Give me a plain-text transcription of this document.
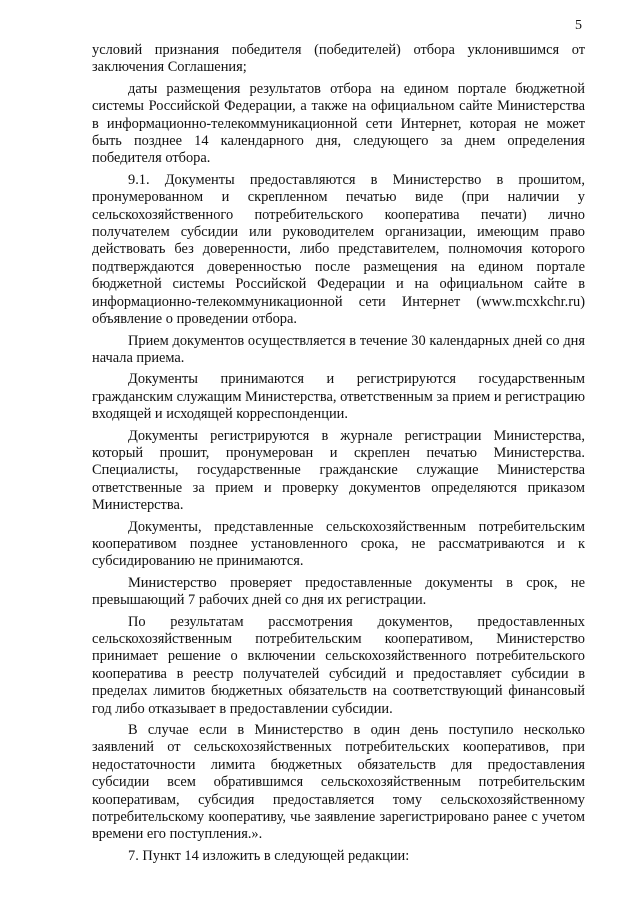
5

условий признания победителя (победителей) отбора уклонившимся от заключения Соглашения;

даты размещения результатов отбора на едином портале бюджетной системы Российской Федерации, а также на официальном сайте Министерства в информационно-телекоммуникационной сети Интернет, которая не может быть позднее 14 календарного дня, следующего за днем определения победителя отбора.

9.1. Документы предоставляются в Министерство в прошитом, пронумерованном и скрепленном печатью виде (при наличии у сельскохозяйственного потребительского кооператива печати) лично получателем субсидии или руководителем организации, имеющим право действовать без доверенности, либо представителем, полномочия которого подтверждаются доверенностью после размещения на едином портале бюджетной системы Российской Федерации и на официальном сайте в информационно-телекоммуникационной сети Интернет (www.mcxkchr.ru) объявление о проведении отбора.

Прием документов осуществляется в течение 30 календарных дней со дня начала приема.

Документы принимаются и регистрируются государственным гражданским служащим Министерства, ответственным за прием и регистрацию входящей и исходящей корреспонденции.

Документы регистрируются в журнале регистрации Министерства, который прошит, пронумерован и скреплен печатью Министерства. Специалисты, государственные гражданские служащие Министерства ответственные за прием и проверку документов определяются приказом Министерства.

Документы, представленные сельскохозяйственным потребительским кооперативом позднее установленного срока, не рассматриваются и к субсидированию не принимаются.

Министерство проверяет предоставленные документы в срок, не превышающий 7 рабочих дней со дня их регистрации.

По результатам рассмотрения документов, предоставленных сельскохозяйственным потребительским кооперативом, Министерство принимает решение о включении сельскохозяйственного потребительского кооператива в реестр получателей субсидий и предоставляет субсидии в пределах лимитов бюджетных обязательств на соответствующий финансовый год либо отказывает в предоставлении субсидии.

В случае если в Министерство в один день поступило несколько заявлений от сельскохозяйственных потребительских кооперативов, при недостаточности лимита бюджетных обязательств для предоставления субсидии всем обратившимся сельскохозяйственным потребительским кооперативам, субсидия предоставляется тому сельскохозяйственному потребительскому кооперативу, чье заявление зарегистрировано ранее с учетом времени его поступления.».

7. Пункт 14 изложить в следующей редакции:
